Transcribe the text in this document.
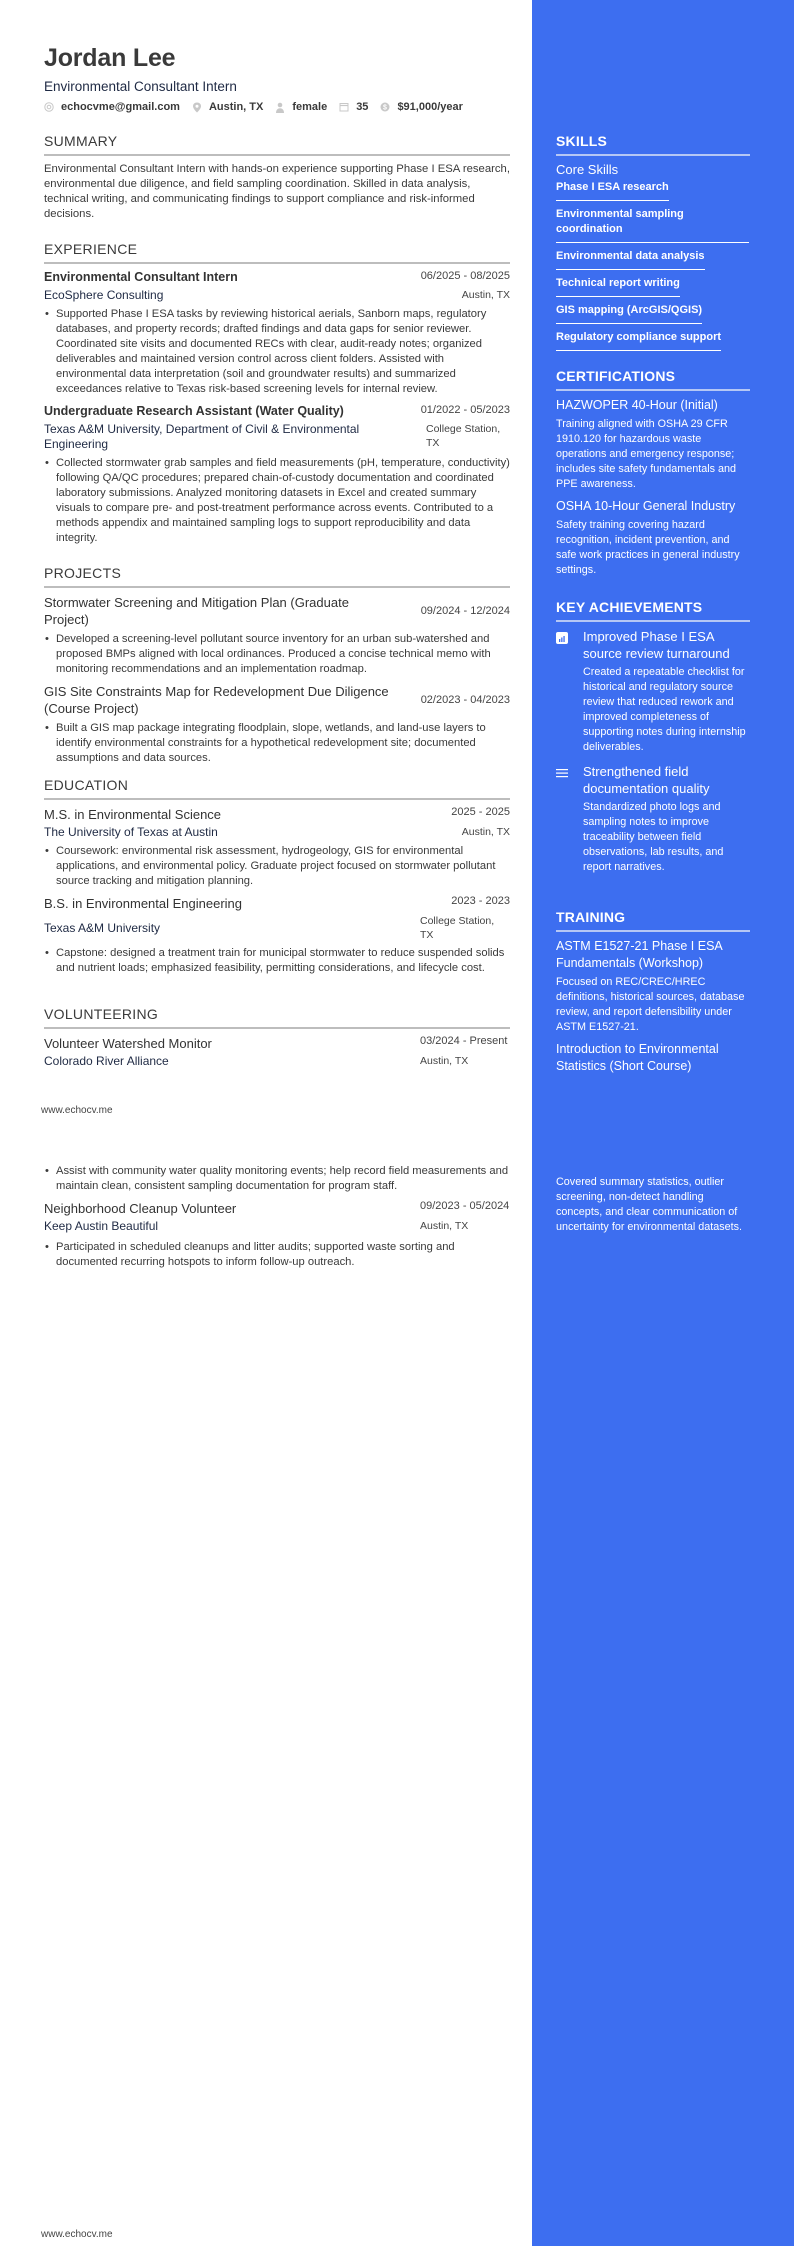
Jordan Lee
Environmental Consultant Intern
echocvme@gmail.com	Austin, TX	female	35 $ $91,000/year
SUMMARY
Environmental Consultant Intern with hands-on experience supporting Phase I ESA research, environmental due diligence, and field sampling coordination. Skilled in data analysis, technical writing, and communicating findings to support compliance and risk-informed decisions.
EXPERIENCE
Environmental Consultant Intern	06/2025 - 08/2025
EcoSphere Consulting	Austin, TX
• Supported Phase I ESA tasks by reviewing historical aerials, Sanborn maps, regulatory databases, and property records; drafted findings and data gaps for senior reviewer. Coordinated site visits and documented RECs with clear, audit-ready notes; organized deliverables and maintained version control across client folders. Assisted with environmental data interpretation (soil and groundwater results) and summarized exceedances relative to Texas risk-based screening levels for internal review.
Undergraduate Research Assistant (Water Quality)	01/2022 - 05/2023
Texas A&M University, Department of Civil & Environmental Engineering
College Station, TX
• Collected stormwater grab samples and field measurements (pH, temperature, conductivity) following QA/QC procedures; prepared chain-of-custody documentation and coordinated laboratory submissions. Analyzed monitoring datasets in Excel and created summary visuals to compare pre- and post-treatment performance across events. Contributed to a methods appendix and maintained sampling logs to support reproducibility and data integrity.
PROJECTS
Stormwater Screening and Mitigation Plan (Graduate Project)
09/2024 - 12/2024
• Developed a screening-level pollutant source inventory for an urban sub-watershed and proposed BMPs aligned with local ordinances. Produced a concise technical memo with monitoring recommendations and an implementation roadmap.
GIS Site Constraints Map for Redevelopment Due Diligence (Course Project)
02/2023 - 04/2023
• Built a GIS map package integrating floodplain, slope, wetlands, and land-use layers to identify environmental constraints for a hypothetical redevelopment site; documented assumptions and data sources.
EDUCATION
M.S. in Environmental Science	2025 - 2025
The University of Texas at Austin	Austin, TX
• Coursework: environmental risk assessment, hydrogeology, GIS for environmental applications, and environmental policy. Graduate project focused on stormwater pollutant source tracking and mitigation planning.
B.S. in Environmental Engineering	2023 - 2023
Texas A&M University	College Station, TX
• Capstone: designed a treatment train for municipal stormwater to reduce suspended solids and nutrient loads; emphasized feasibility, permitting considerations, and lifecycle cost.
VOLUNTEERING
Volunteer Watershed Monitor	03/2024 - Present
Colorado River Alliance	Austin, TX
www.echocv.me
• Assist with community water quality monitoring events; help record field measurements and maintain clean, consistent sampling documentation for program staff.
Neighborhood Cleanup Volunteer	09/2023 - 05/2024
Keep Austin Beautiful	Austin, TX
• Participated in scheduled cleanups and litter audits; supported waste sorting and documented recurring hotspots to inform follow-up outreach.
www.echocv.me
SKILLS
Core Skills
Phase I ESA research
Environmental sampling coordination
Environmental data analysis
Technical report writing
GIS mapping (ArcGIS/QGIS)
Regulatory compliance support
CERTIFICATIONS
HAZWOPER 40-Hour (Initial)
Training aligned with OSHA 29 CFR 1910.120 for hazardous waste operations and emergency response; includes site safety fundamentals and PPE awareness.
OSHA 10-Hour General Industry
Safety training covering hazard recognition, incident prevention, and safe work practices in general industry settings.
KEY ACHIEVEMENTS
Improved Phase I ESA source review turnaround
Created a repeatable checklist for historical and regulatory source review that reduced rework and improved completeness of supporting notes during internship deliverables.
Strengthened field documentation quality
Standardized photo logs and sampling notes to improve traceability between field observations, lab results, and report narratives.
TRAINING
ASTM E1527-21 Phase I ESA Fundamentals (Workshop)
Focused on REC/CREC/HREC definitions, historical sources, database review, and report defensibility under ASTM E1527-21.
Introduction to Environmental Statistics (Short Course)
Covered summary statistics, outlier screening, non-detect handling concepts, and clear communication of uncertainty for environmental datasets.
